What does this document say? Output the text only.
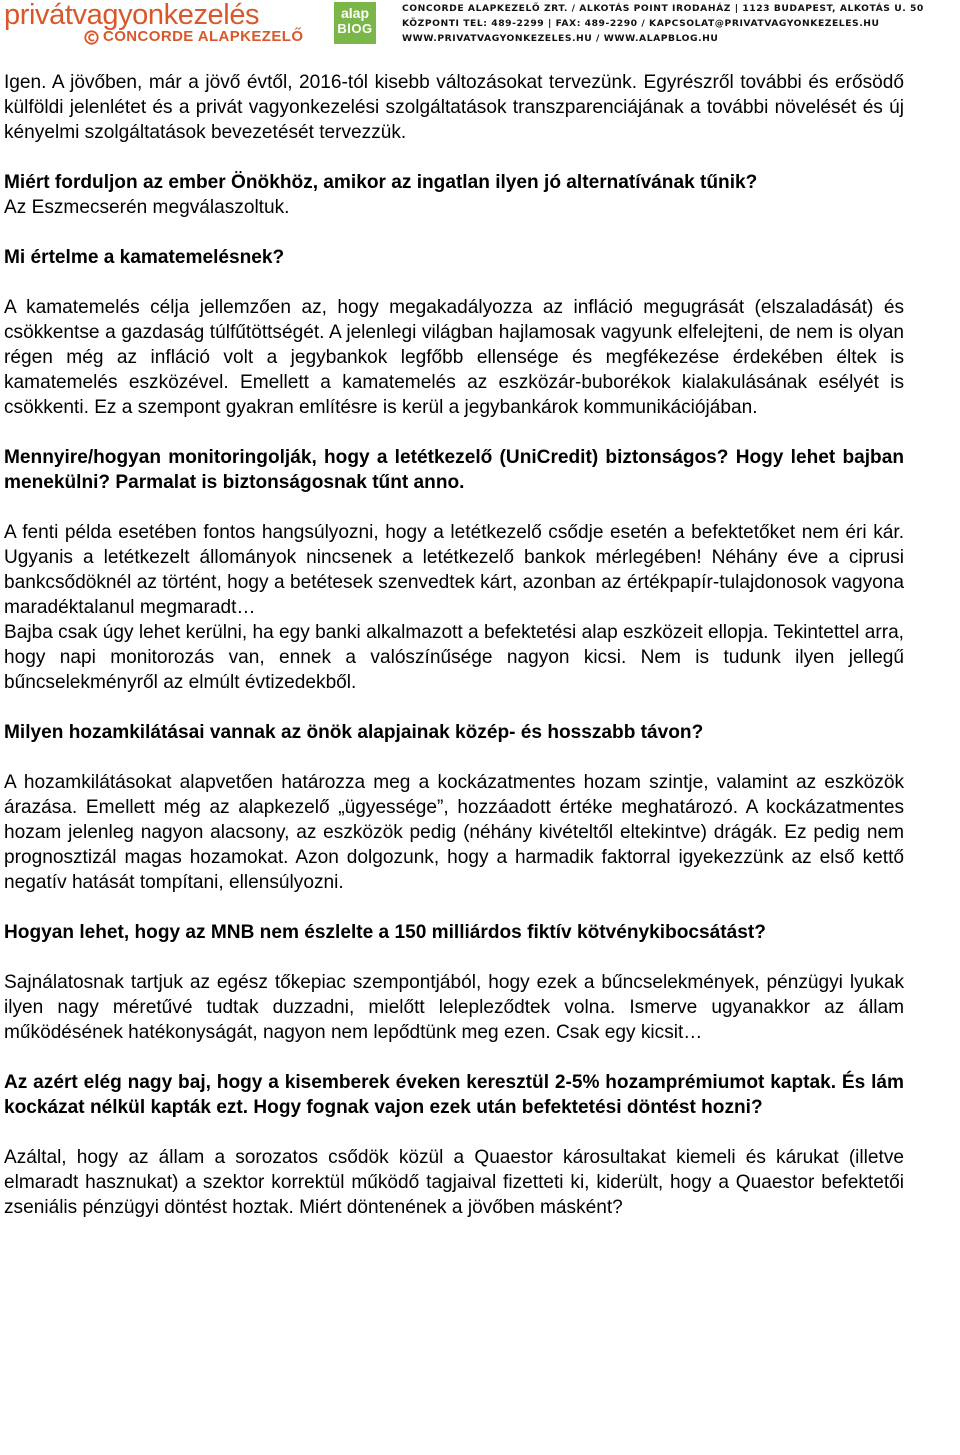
privátvagyonkezelés
CONCORDE ALAPKEZELŐ
alap
BlOG
CONCORDE ALAPKEZELŐ ZRT. / ALKOTÁS POINT IRODAHÁZ | 1123 BUDAPEST, ALKOTÁS U. 50
KÖZPONTI TEL: 489-2299 | FAX: 489-2290 / KAPCSOLAT@PRIVATVAGYONKEZELES.HU
WWW.PRIVATVAGYONKEZELES.HU / WWW.ALAPBLOG.HU

Igen. A jövőben, már a jövő évtől, 2016-tól kisebb változásokat tervezünk. Egyrészről további és erősödő külföldi jelenlétet és a privát vagyonkezelési szolgáltatások transzparenciájának a további növelését és új kényelmi szolgáltatások bevezetését tervezzük.

Miért forduljon az ember Önökhöz, amikor az ingatlan ilyen jó alternatívának tűnik?

Az Eszmecserén megválaszoltuk.

Mi értelme a kamatemelésnek?

A kamatemelés célja jellemzően az, hogy megakadályozza az infláció megugrását (elszaladását) és csökkentse a gazdaság túlfűtöttségét. A jelenlegi világban hajlamosak vagyunk elfelejteni, de nem is olyan régen még az infláció volt a jegybankok legfőbb ellensége és megfékezése érdekében éltek is kamatemelés eszközével. Emellett a kamatemelés az eszközár-buborékok kialakulásának esélyét is csökkenti. Ez a szempont gyakran említésre is kerül a jegybankárok kommunikációjában.

Mennyire/hogyan monitoringolják, hogy a letétkezelő (UniCredit) biztonságos? Hogy lehet bajban menekülni? Parmalat is biztonságosnak tűnt anno.

A fenti példa esetében fontos hangsúlyozni, hogy a letétkezelő csődje esetén a befektetőket nem éri kár. Ugyanis a letétkezelt állományok nincsenek a letétkezelő bankok mérlegében! Néhány éve a ciprusi bankcsődöknél az történt, hogy a betétesek szenvedtek kárt, azonban az értékpapír-tulajdonosok vagyona maradéktalanul megmaradt…

Bajba csak úgy lehet kerülni, ha egy banki alkalmazott a befektetési alap eszközeit ellopja. Tekintettel arra, hogy napi monitorozás van, ennek a valószínűsége nagyon kicsi. Nem is tudunk ilyen jellegű bűncselekményről az elmúlt évtizedekből.

Milyen hozamkilátásai vannak az önök alapjainak közép- és hosszabb távon?

A hozamkilátásokat alapvetően határozza meg a kockázatmentes hozam szintje, valamint az eszközök árazása. Emellett még az alapkezelő „ügyessége”, hozzáadott értéke meghatározó. A kockázatmentes hozam jelenleg nagyon alacsony, az eszközök pedig (néhány kivételtől eltekintve) drágák. Ez pedig nem prognosztizál magas hozamokat. Azon dolgozunk, hogy a harmadik faktorral igyekezzünk az első kettő negatív hatását tompítani, ellensúlyozni.

Hogyan lehet, hogy az MNB nem észlelte a 150 milliárdos fiktív kötvénykibocsátást?

Sajnálatosnak tartjuk az egész tőkepiac szempontjából, hogy ezek a bűncselekmények, pénzügyi lyukak ilyen nagy méretűvé tudtak duzzadni, mielőtt lelepleződtek volna. Ismerve ugyanakkor az állam működésének hatékonyságát, nagyon nem lepődtünk meg ezen. Csak egy kicsit…

Az azért elég nagy baj, hogy a kisemberek éveken keresztül 2-5% hozamprémiumot kaptak. És lám kockázat nélkül kapták ezt. Hogy fognak vajon ezek után befektetési döntést hozni?

Azáltal, hogy az állam a sorozatos csődök közül a Quaestor károsultakat kiemeli és kárukat (illetve elmaradt hasznukat) a szektor korrektül működő tagjaival fizetteti ki, kiderült, hogy a Quaestor befektetői zseniális pénzügyi döntést hoztak. Miért döntenének a jövőben másként?
